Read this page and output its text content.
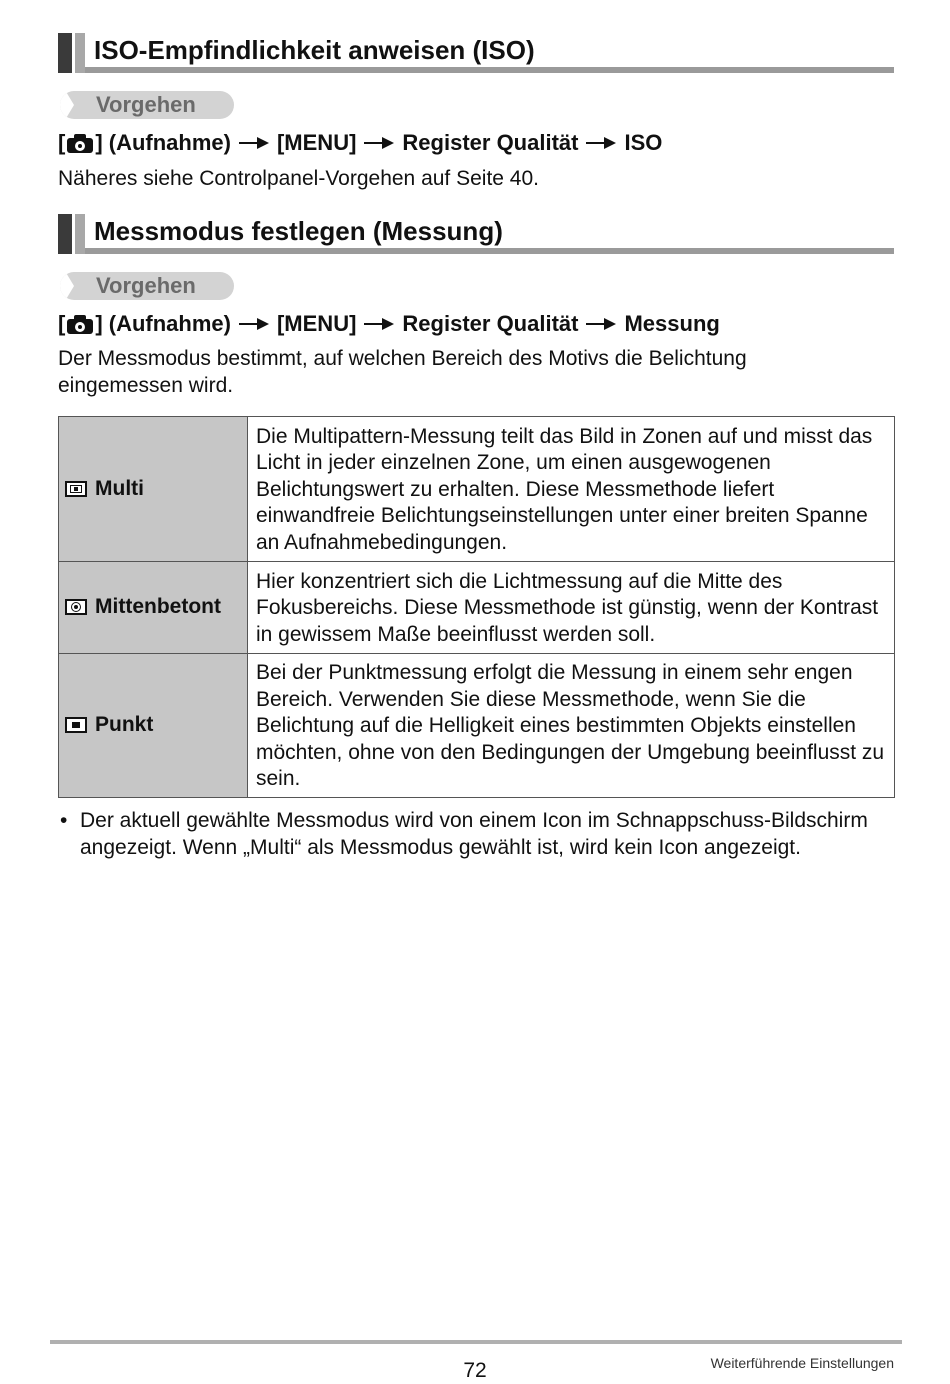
ISO-Empfindlichkeit anweisen (ISO)
Vorgehen
[ ] (Aufnahme) [MENU] Register Qualität ISO
Näheres siehe Controlpanel-Vorgehen auf Seite 40.
Messmodus festlegen (Messung)
Vorgehen
[ ] (Aufnahme) [MENU] Register Qualität Messung
Der Messmodus bestimmt, auf welchen Bereich des Motivs die Belichtung eingemessen wird.
Multi	Die Multipattern-Messung teilt das Bild in Zonen auf und misst das Licht in jeder einzelnen Zone, um einen ausgewogenen Belichtungswert zu erhalten. Diese Messmethode liefert einwandfreie Belichtungseinstellungen unter einer breiten Spanne an Aufnahmebedingungen.

Mittenbetont	Hier konzentriert sich die Lichtmessung auf die Mitte des Fokusbereichs. Diese Messmethode ist günstig, wenn der Kontrast in gewissem Maße beeinflusst werden soll.

Punkt	Bei der Punktmessung erfolgt die Messung in einem sehr engen Bereich. Verwenden Sie diese Messmethode, wenn Sie die Belichtung auf die Helligkeit eines bestimmten Objekts einstellen möchten, ohne von den Bedingungen der Umgebung beeinflusst zu sein.
• Der aktuell gewählte Messmodus wird von einem Icon im Schnappschuss-Bildschirm angezeigt. Wenn „Multi“ als Messmodus gewählt ist, wird kein Icon angezeigt.
72	Weiterführende Einstellungen
